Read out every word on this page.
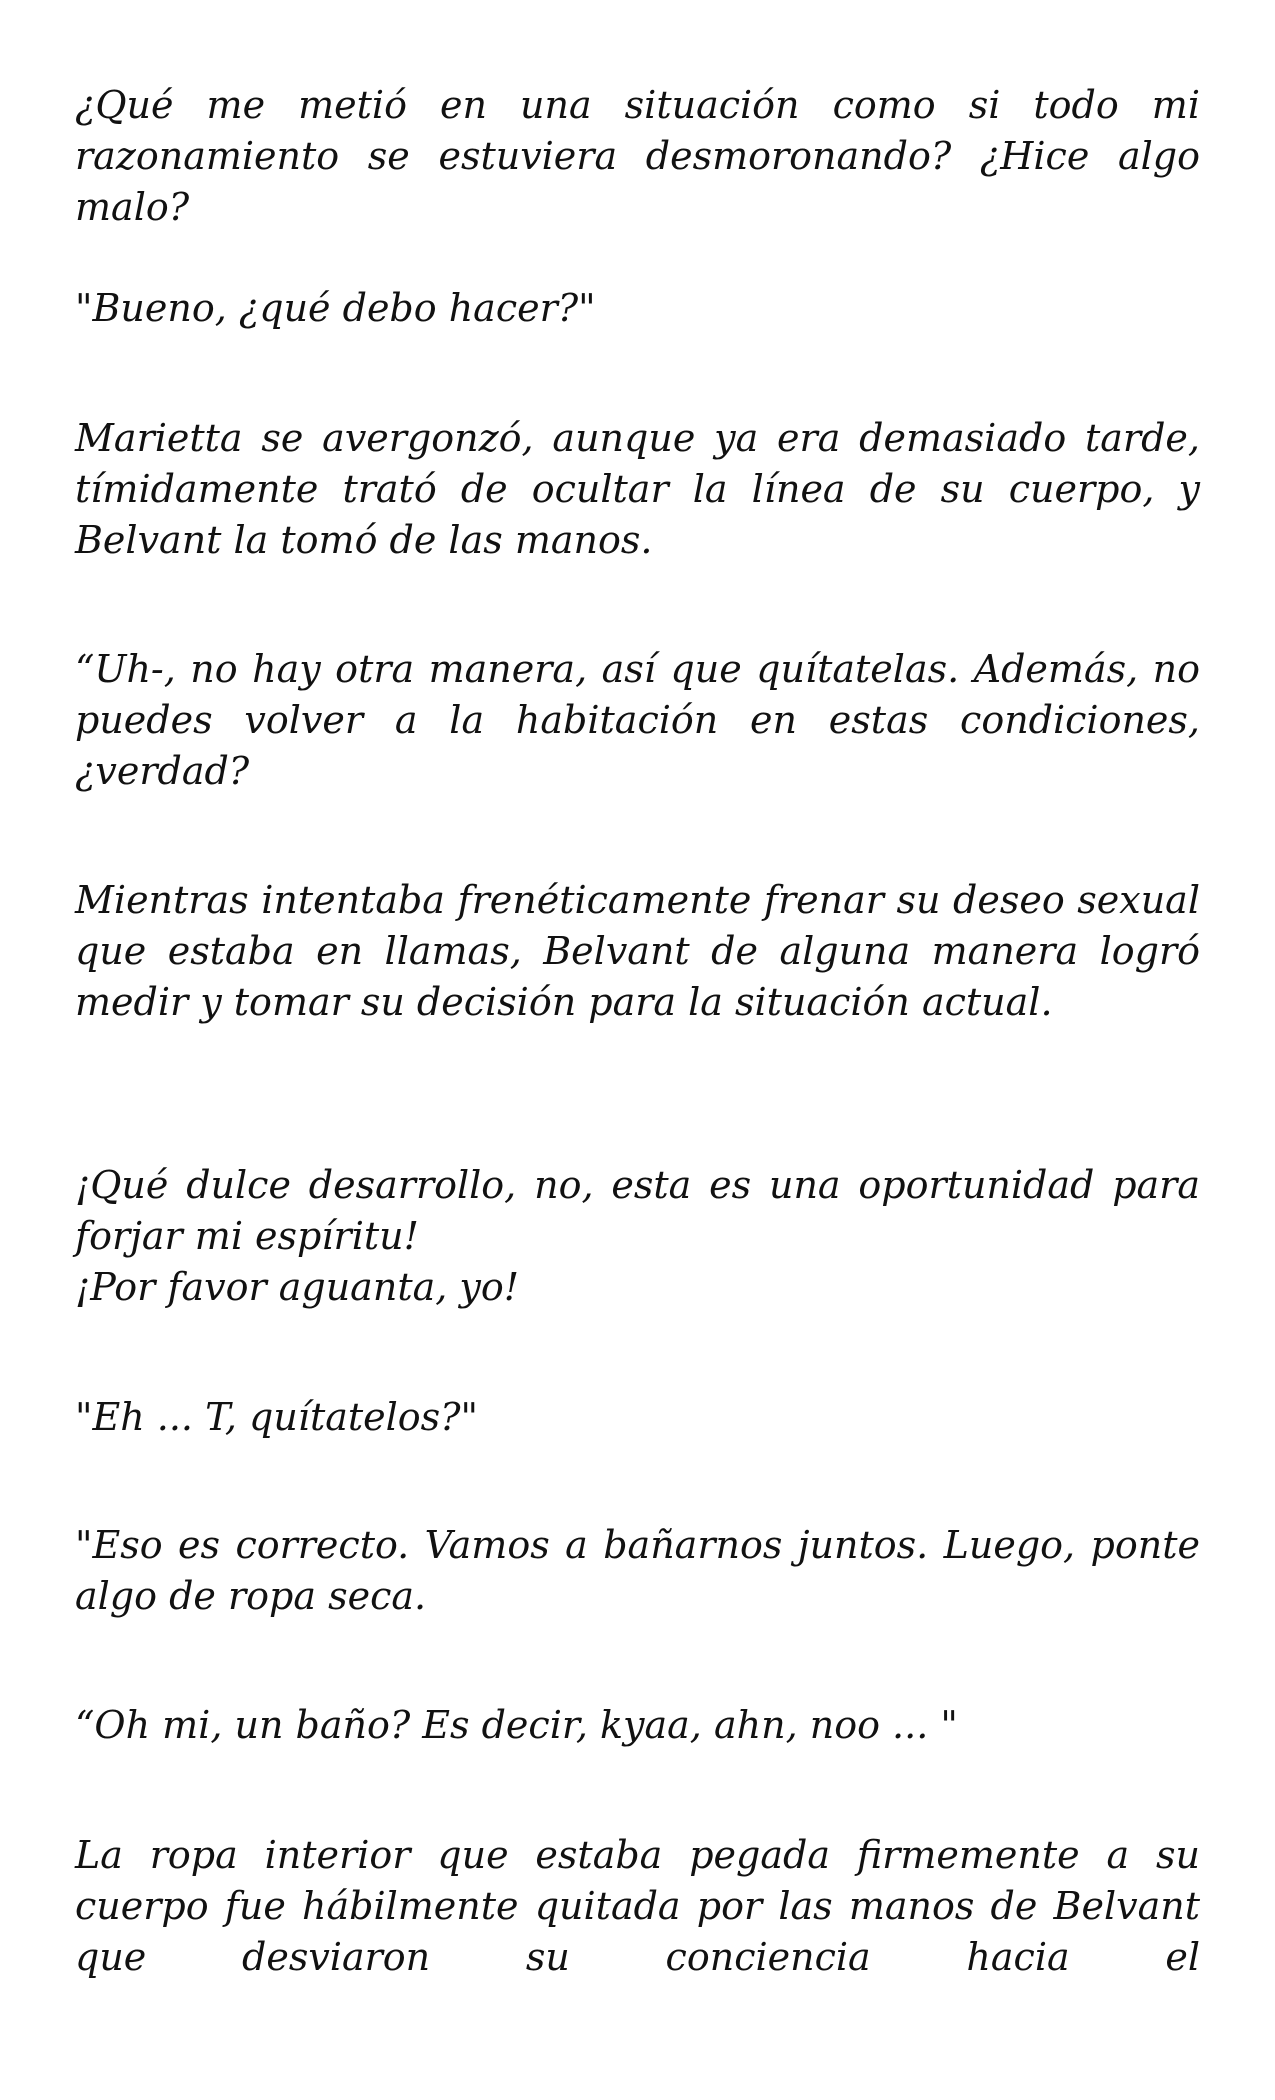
¿Qué me metió en una situación como si todo mi razonamiento se estuviera desmoronando? ¿Hice algo malo?

"Bueno, ¿qué debo hacer?"

Marietta se avergonzó, aunque ya era demasiado tarde, tímidamente trató de ocultar la línea de su cuerpo, y Belvant la tomó de las manos.

“Uh-, no hay otra manera, así que quítatelas. Además, no puedes volver a la habitación en estas condiciones, ¿verdad?

Mientras intentaba frenéticamente frenar su deseo sexual que estaba en llamas, Belvant de alguna manera logró medir y tomar su decisión para la situación actual.

¡Qué dulce desarrollo, no, esta es una oportunidad para forjar mi espíritu!
¡Por favor aguanta, yo!

"Eh ... T, quítatelos?"

"Eso es correcto. Vamos a bañarnos juntos. Luego, ponte algo de ropa seca.

“Oh mi, un baño? Es decir, kyaa, ahn, noo ... "

La ropa interior que estaba pegada firmemente a su cuerpo fue hábilmente quitada por las manos de Belvant que desviaron su conciencia hacia el
